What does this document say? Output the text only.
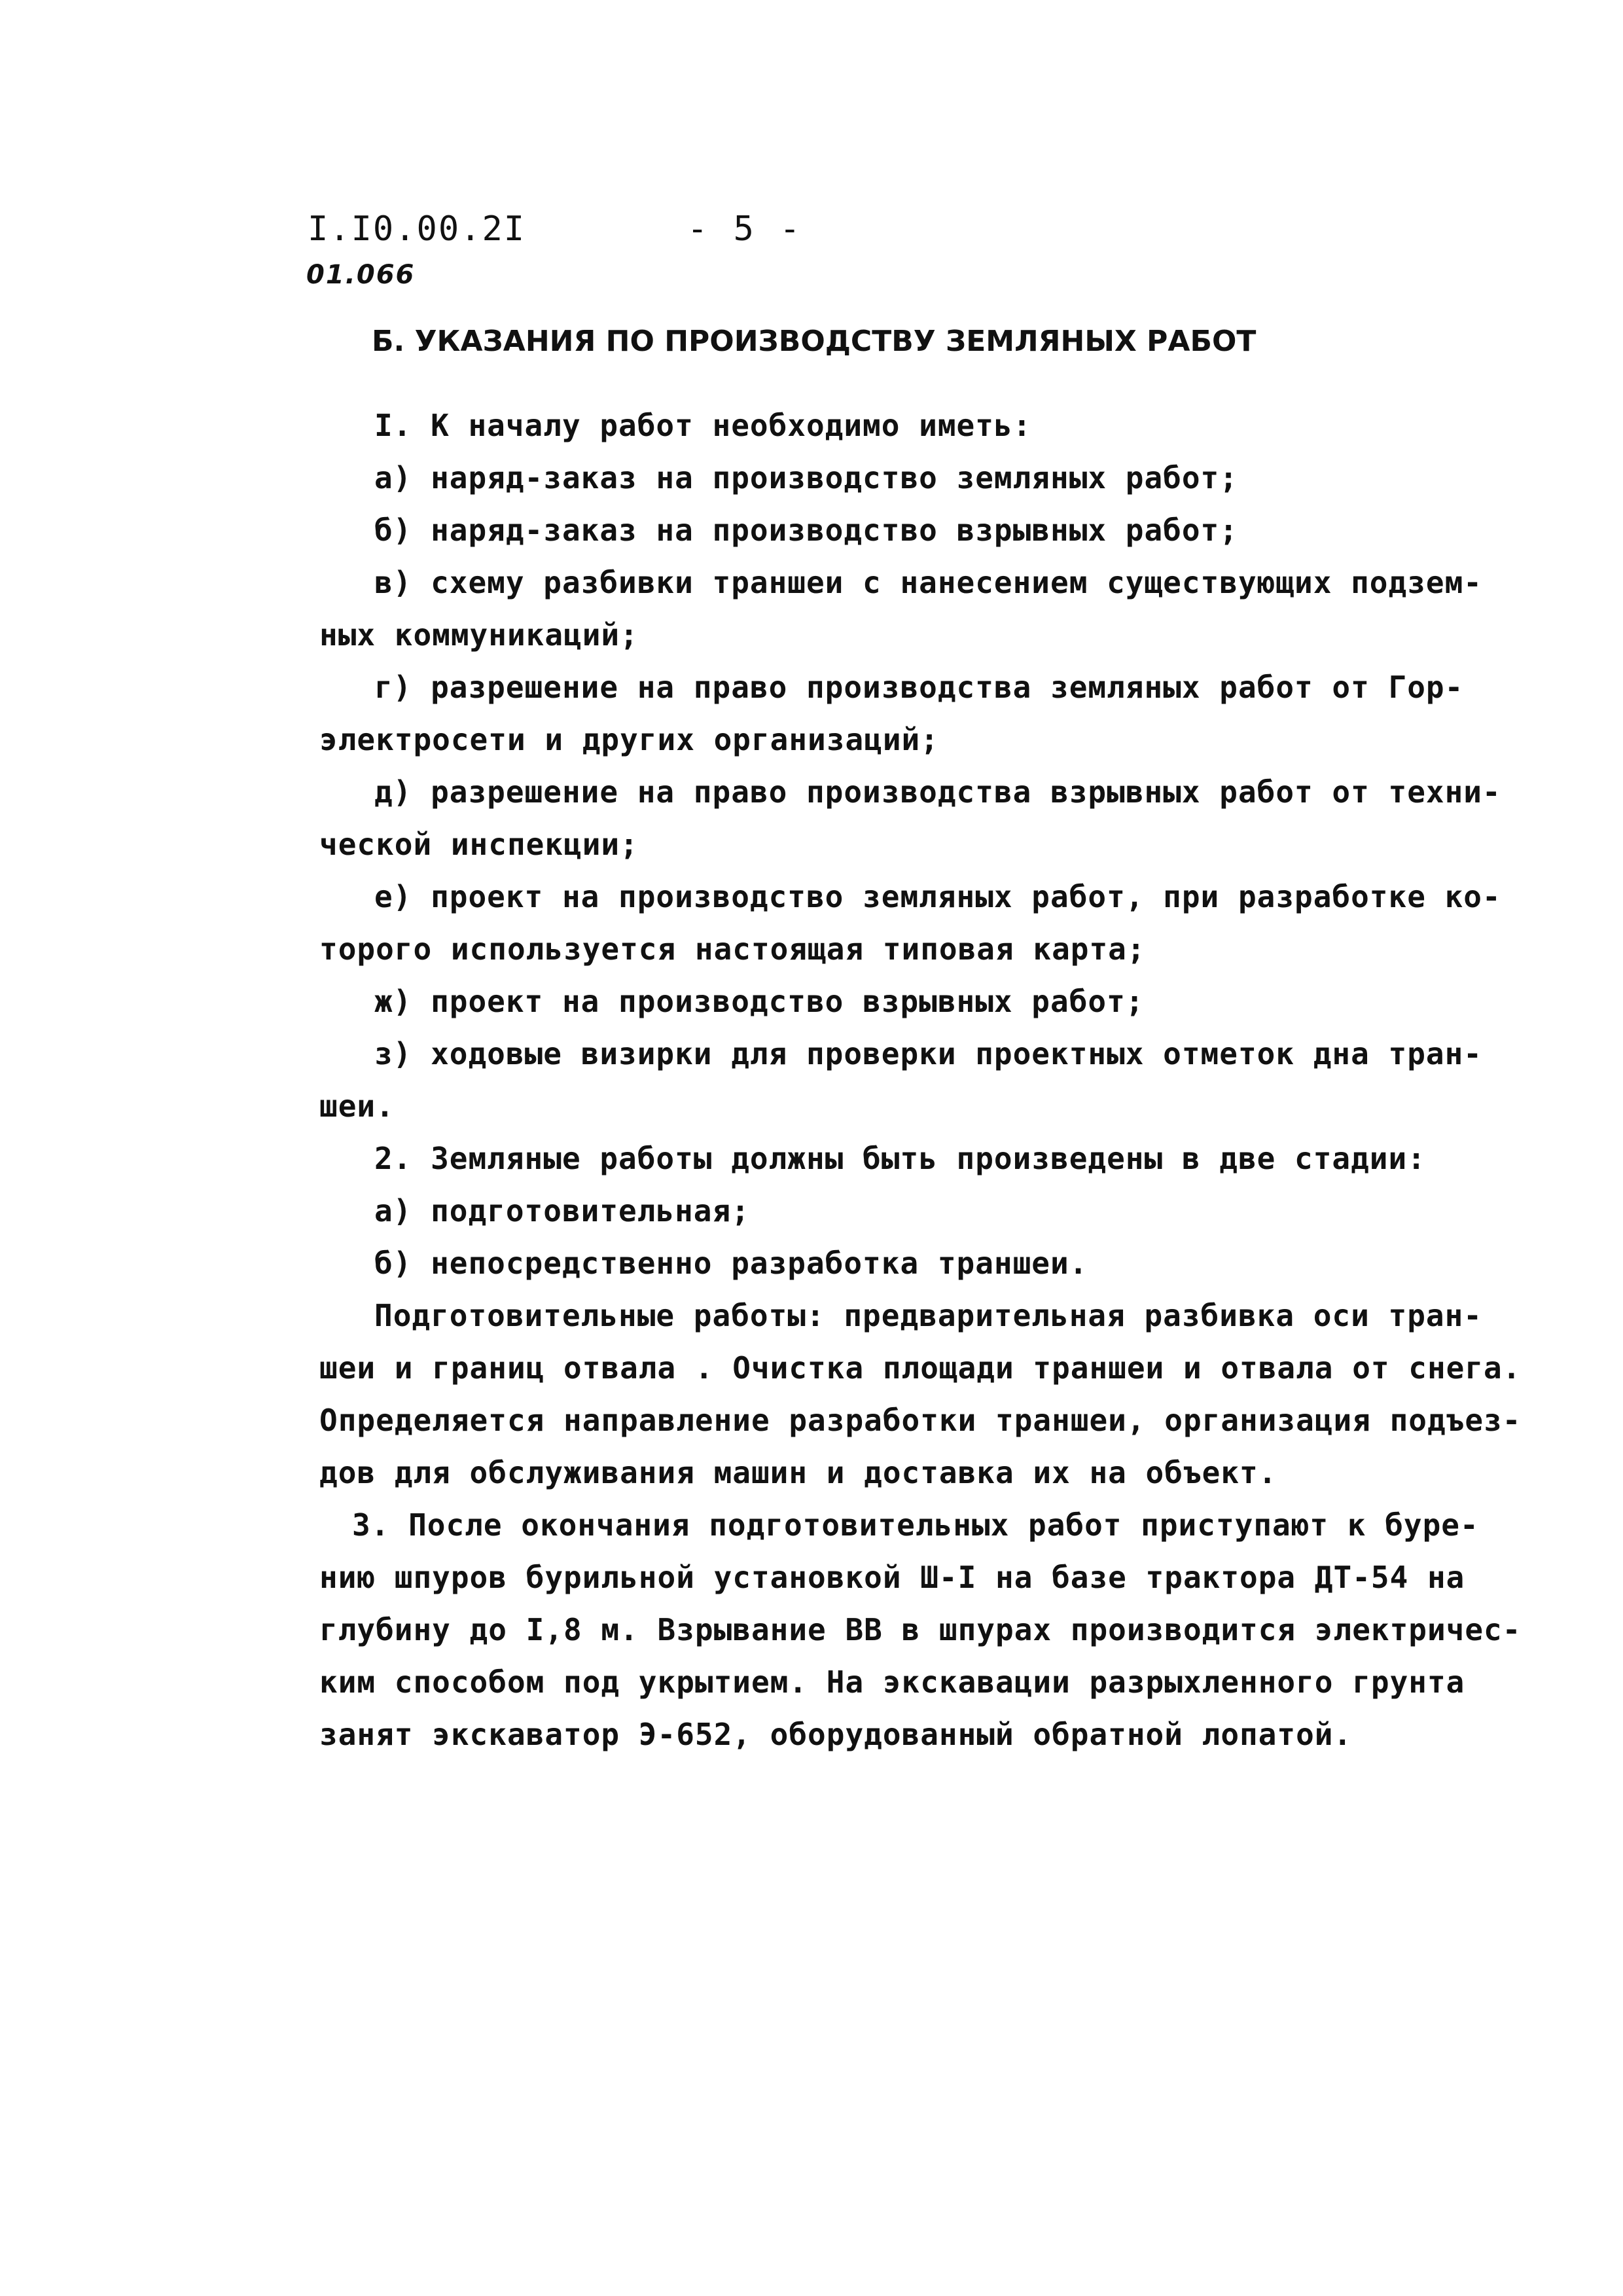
I.I0.00.2I
01.066
- 5 -
Б. УКАЗАНИЯ ПО ПРОИЗВОДСТВУ ЗЕМЛЯНЫХ РАБОТ
I. К началу работ необходимо иметь:
а) наряд-заказ на производство земляных работ;
б) наряд-заказ на производство взрывных работ;
в) схему разбивки траншеи с нанесением существующих подзем-
ных коммуникаций;
г) разрешение на право производства земляных работ от Гор-
электросети и других организаций;
д) разрешение на право производства взрывных работ от техни-
ческой инспекции;
е) проект на производство земляных работ, при разработке ко-
торого используется настоящая типовая карта;
ж) проект на производство взрывных работ;
з) ходовые визирки для проверки проектных отметок дна тран-
шеи.
2. Земляные работы должны быть произведены в две стадии:
а) подготовительная;
б) непосредственно разработка траншеи.
Подготовительные работы: предварительная разбивка оси тран-
шеи и границ отвала . Очистка площади траншеи и отвала от снега.
Определяется направление разработки траншеи, организация подъез-
дов для обслуживания машин и доставка их на объект.
3. После окончания подготовительных работ приступают к буре-
нию шпуров бурильной установкой Ш-I на базе трактора ДТ-54 на
глубину до I,8 м. Взрывание ВВ в шпурах производится электричес-
ким способом под укрытием. На экскавации разрыхленного грунта
занят экскаватор Э-652, оборудованный обратной лопатой.
